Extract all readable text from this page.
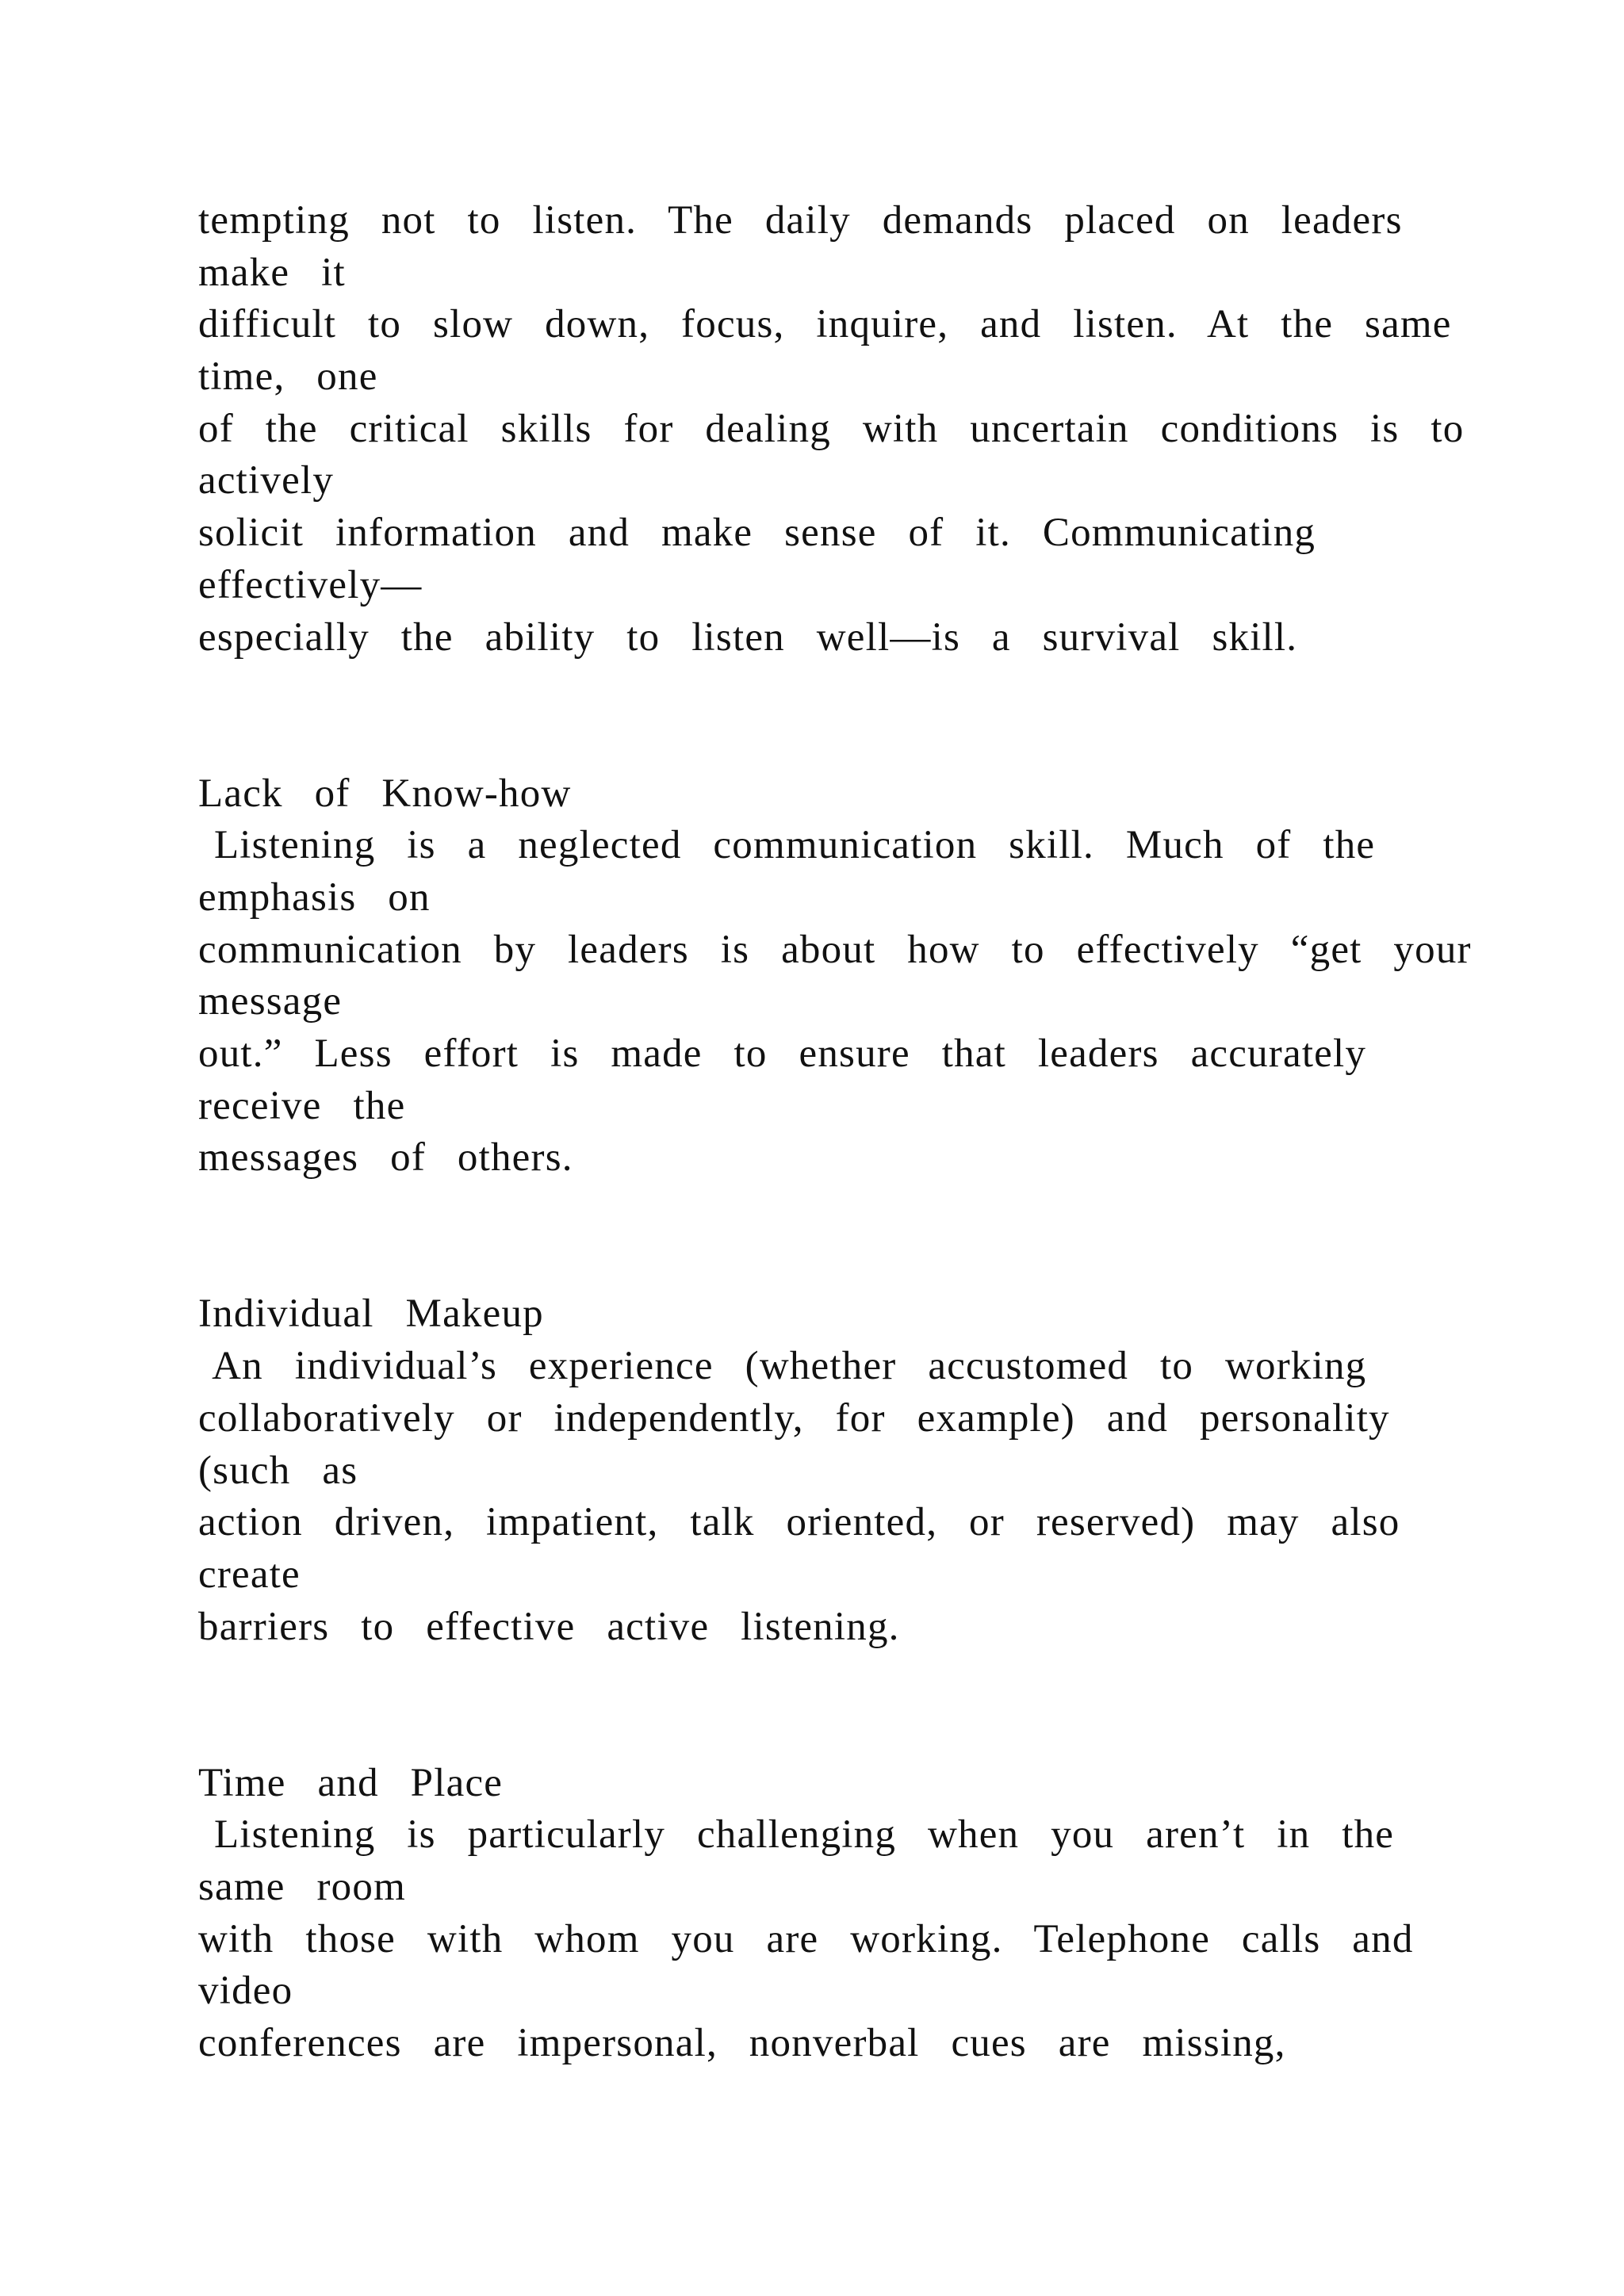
tempting  not  to  listen.  The  daily  demands  placed  on  leaders
make  it
difficult  to  slow  down,  focus,  inquire,  and  listen.  At  the  same
time,  one
of  the  critical  skills  for  dealing  with  uncertain  conditions  is  to
actively
solicit  information  and  make  sense  of  it.  Communicating
effectively—
especially  the  ability  to  listen  well—is  a  survival  skill.
Lack  of  Know-how
Listening  is  a  neglected  communication  skill.  Much  of  the
emphasis  on
communication  by  leaders  is  about  how  to  effectively  “get  your
message
out.”  Less  effort  is  made  to  ensure  that  leaders  accurately
receive  the
messages  of  others.
Individual  Makeup
An  individual’s  experience  (whether  accustomed  to  working
collaboratively  or  independently,  for  example)  and  personality
(such  as
action  driven,  impatient,  talk  oriented,  or  reserved)  may  also
create
barriers  to  effective  active  listening.
Time  and  Place
Listening  is  particularly  challenging  when  you  aren’t  in  the
same  room
with  those  with  whom  you  are  working.  Telephone  calls  and
video
conferences  are  impersonal,  nonverbal  cues  are  missing,
